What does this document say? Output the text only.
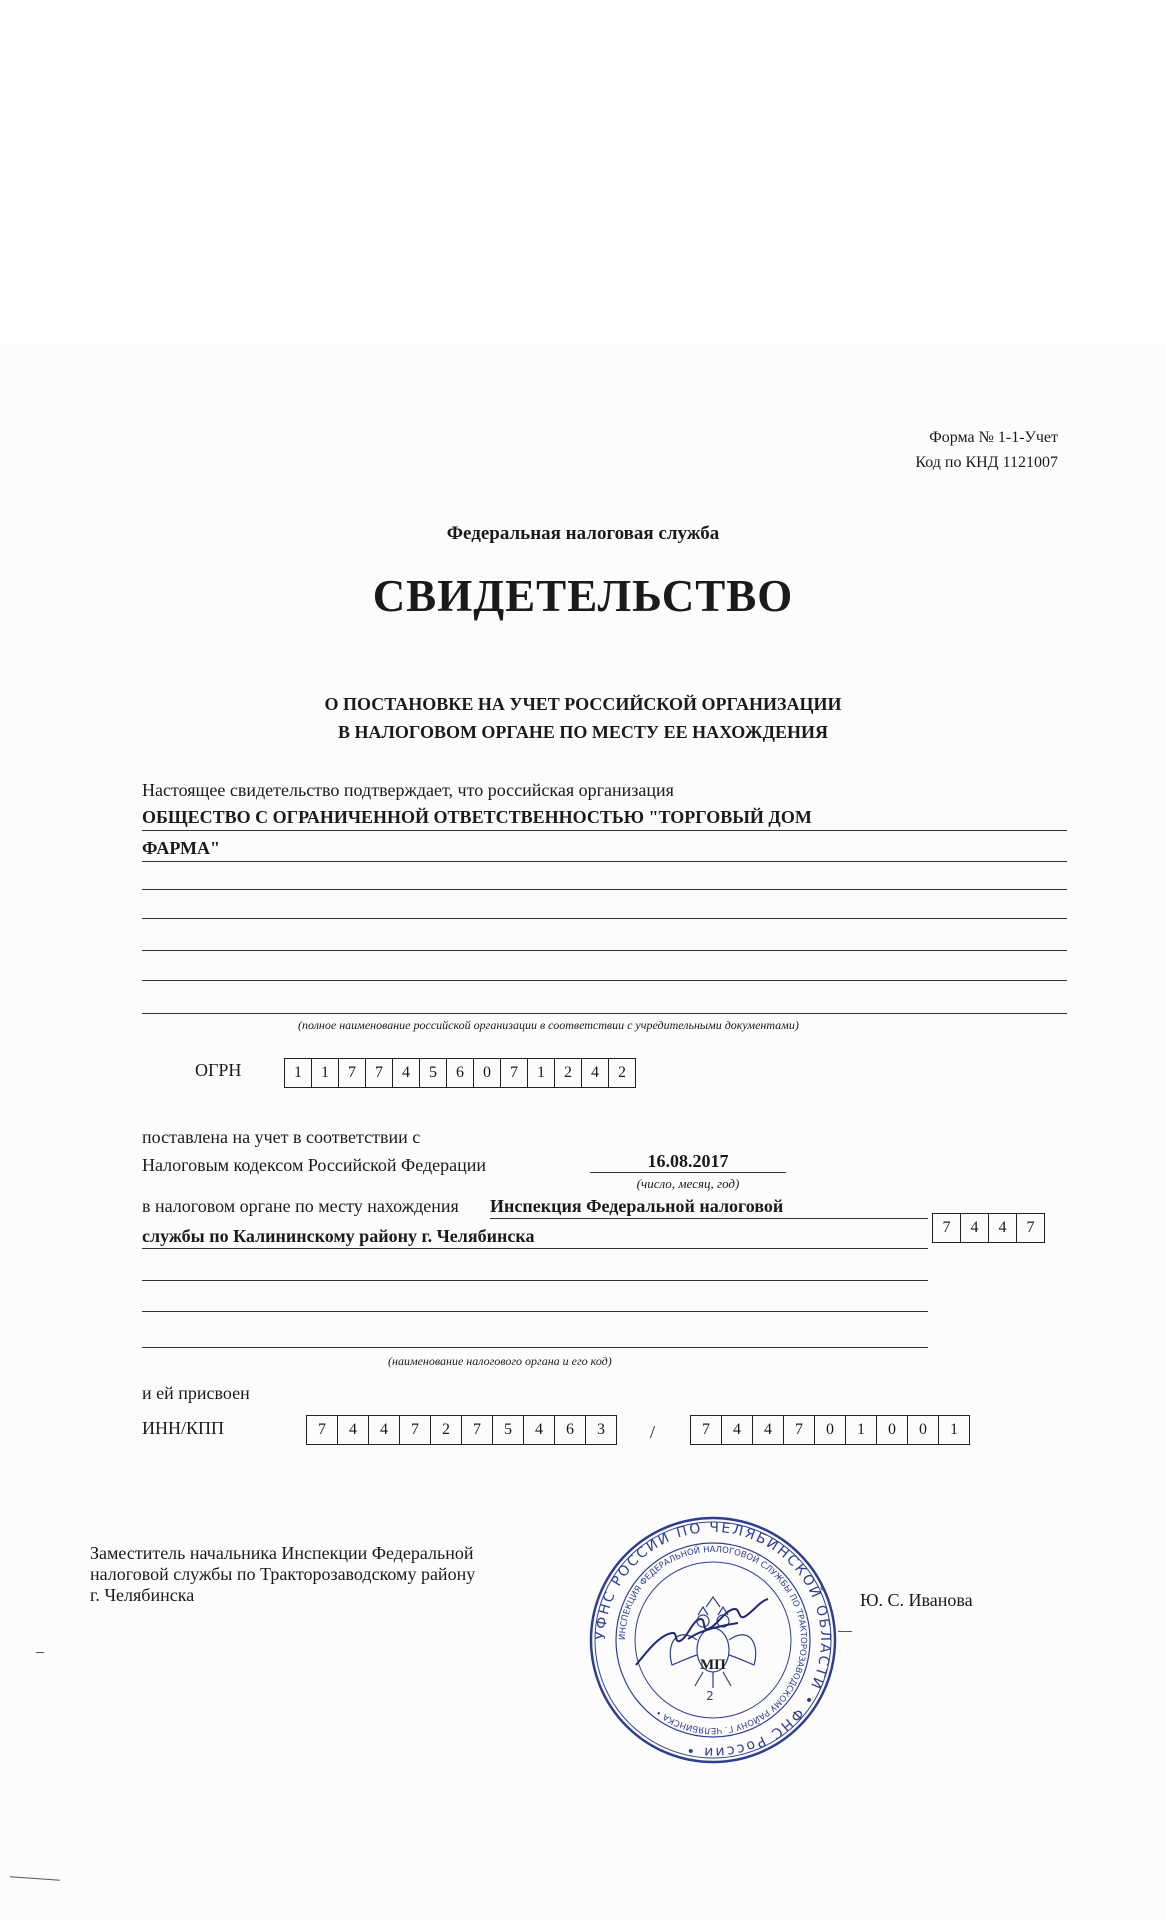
Форма № 1-1-Учет
Код по КНД 1121007
Федеральная налоговая служба
СВИДЕТЕЛЬСТВО
О ПОСТАНОВКЕ НА УЧЕТ РОССИЙСКОЙ ОРГАНИЗАЦИИ
В НАЛОГОВОМ ОРГАНЕ ПО МЕСТУ ЕЕ НАХОЖДЕНИЯ
Настоящее свидетельство подтверждает, что российская организация
ОБЩЕСТВО С ОГРАНИЧЕННОЙ ОТВЕТСТВЕННОСТЬЮ "ТОРГОВЫЙ ДОМ
ФАРМА"
(полное наименование российской организации в соответствии с учредительными документами)
ОГРН	1	1	7	7	4	5	6	0	7	1	2	4	2
поставлена на учет в соответствии с
Налоговым кодексом Российской Федерации	16.08.2017
(число, месяц, год)
в налоговом органе по месту нахождения Инспекция Федеральной налоговой
службы по Калининскому району г. Челябинска	7	4	4	7
(наименование налогового органа и его код)
и ей присвоен
ИНН/КПП	7	4	4	7	2	7	5	4	6	3	/	7	4	4	7	0	1	0	0	1
Заместитель начальника Инспекции Федеральной
налоговой службы по Тракторозаводскому району
г. Челябинска	Ю. С. Иванова
УФНС РОССИИ ПО ЧЕЛЯБИНСКОЙ ОБЛАСТИ • ФНС России •
ИНСПЕКЦИЯ ФЕДЕРАЛЬНОЙ НАЛОГОВОЙ СЛУЖБЫ ПО ТРАКТОРОЗАВОДСКОМУ РАЙОНУ Г. ЧЕЛЯБИНСКА •
2
МП
